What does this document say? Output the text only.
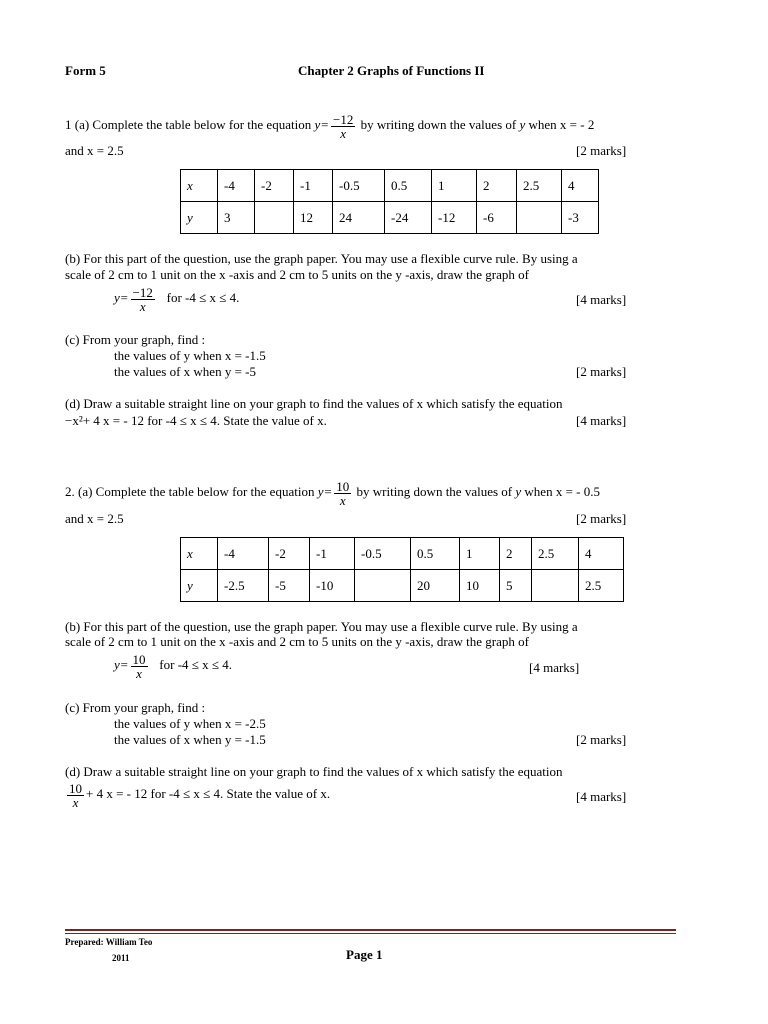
Form 5	Chapter 2 Graphs of Functions II
1 (a) Complete the table below for the equation $y= \frac{-12}{x}$ by writing down the values of y when x = - 2
and x = 2.5	[2 marks]
x	-4	-2	-1	-0.5	0.5	1	2	2.5	4
y	3		12	24	-24	-12	-6		-3
(b) For this part of the question, use the graph paper. You may use a flexible curve rule. By using a
scale of 2 cm to 1 unit on the x -axis and 2 cm to 5 units on the y -axis, draw the graph of
$y= \frac{-12}{x}$ for -4 ≤ x ≤ 4.	[4 marks]
(c) From your graph, find :
the values of y when x = -1.5
the values of x when y = -5	[2 marks]
(d) Draw a suitable straight line on your graph to find the values of x which satisfy the equation
−x²+ 4 x = - 12 for -4 ≤ x ≤ 4. State the value of x.	[4 marks]
2. (a) Complete the table below for the equation $y= \frac{10}{x}$ by writing down the values of y when x = - 0.5
and x = 2.5	[2 marks]
x	-4	-2	-1	-0.5	0.5	1	2	2.5	4
y	-2.5	-5	-10		20	10	5		2.5
(b) For this part of the question, use the graph paper. You may use a flexible curve rule. By using a
scale of 2 cm to 1 unit on the x -axis and 2 cm to 5 units on the y -axis, draw the graph of
$y= \frac{10}{x}$ for -4 ≤ x ≤ 4.	[4 marks]
(c) From your graph, find :
the values of y when x = -2.5
the values of x when y = -1.5	[2 marks]
(d) Draw a suitable straight line on your graph to find the values of x which satisfy the equation
$\frac{10}{x} + 4$ x = - 12 for -4 ≤ x ≤ 4. State the value of x.	[4 marks]
Prepared: William Teo
2011	Page 1
